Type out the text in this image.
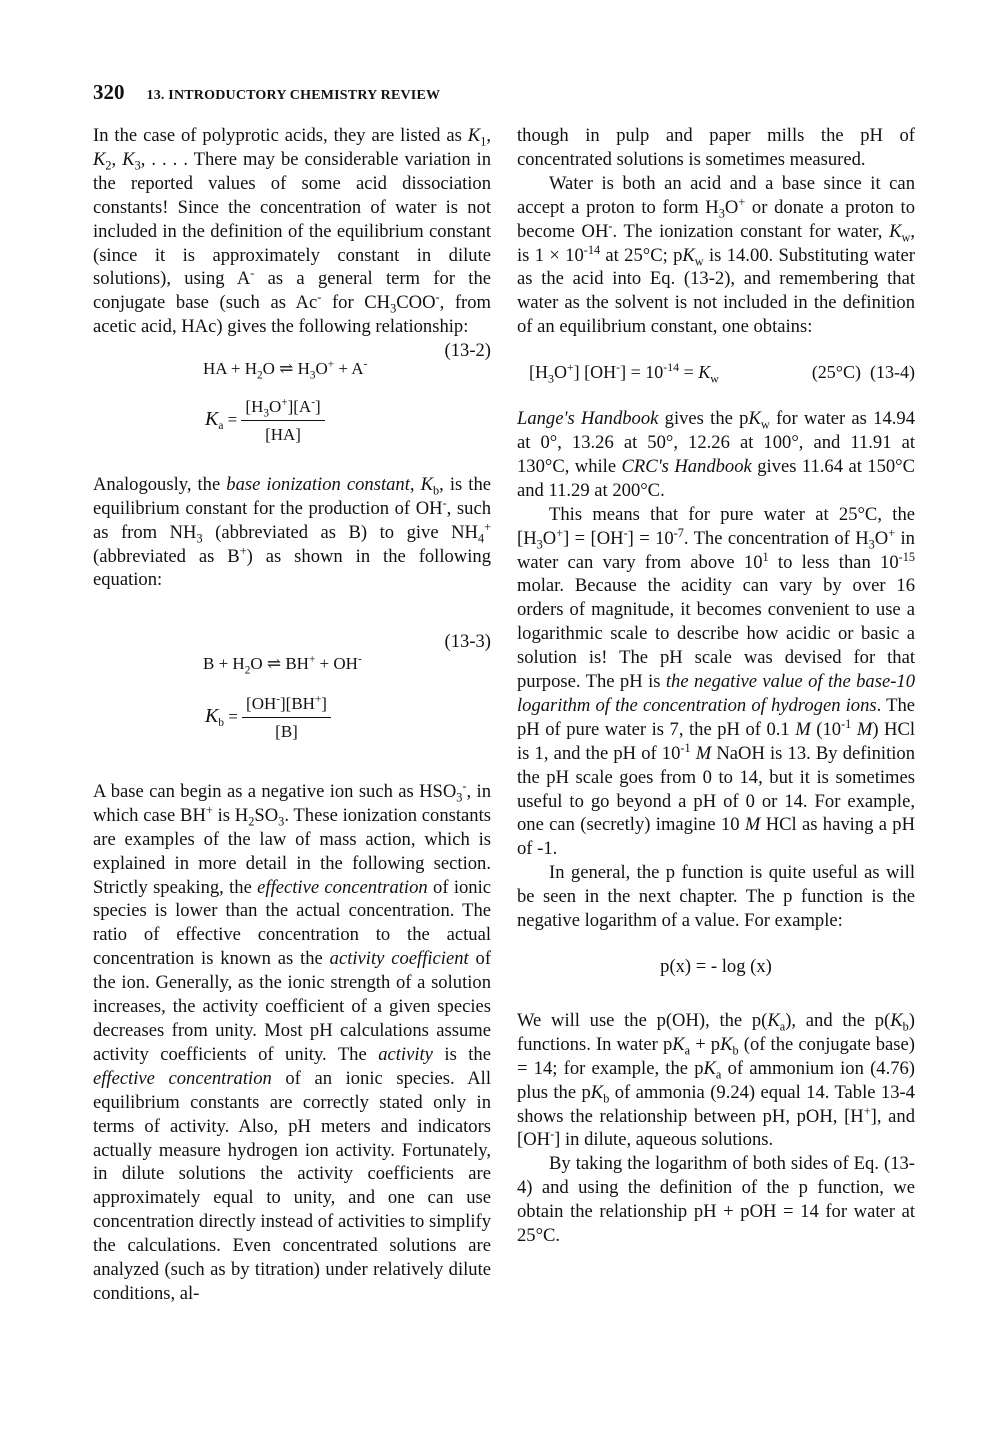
320 13. INTRODUCTORY CHEMISTRY REVIEW

In the case of polyprotic acids, they are listed as $K_1$, $K_2$, $K_3$, . . . . There may be considerable variation in the reported values of some acid dissociation constants! Since the concentration of water is not included in the definition of the equilibrium constant (since it is approximately constant in dilute solutions), using A- as a general term for the conjugate base (such as Ac- for $CH_3COO^-$, from acetic acid, HAc) gives the following relationship:

(13-2)
HA + $H_2O$ ⇌ $H_3O^+ + A^-$
$K_a = \frac{[H_3O^+][A^-]}{[HA]}$

Analogously, the base ionization constant, $K_b$, is the equilibrium constant for the production of OH-, such as from $NH_3$ (abbreviated as B) to give $NH_4^+$ (abbreviated as B+) as shown in the following equation:

(13-3)
$B + H_2O$ ⇌ BH+ + OH-
$K_b = \frac{[OH^-][BH^+]}{[B]}$

A base can begin as a negative ion such as $HSO_3^-$, in which case BH+ is $H_2SO_3$. These ionization constants are examples of the law of mass action, which is explained in more detail in the following section. Strictly speaking, the effective concentration of ionic species is lower than the actual concentration. The ratio of effective concentration to the actual concentration is known as the activity coefficient of the ion. Generally, as the ionic strength of a solution increases, the activity coefficient of a given species decreases from unity. Most pH calculations assume activity coefficients of unity. The activity is the effective concentration of an ionic species. All equilibrium constants are correctly stated only in terms of activity. Also, pH meters and indicators actually measure hydrogen ion activity. Fortunately, in dilute solutions the activity coefficients are approximately equal to unity, and one can use concentration directly instead of activities to simplify the calculations. Even concentrated solutions are analyzed (such as by titration) under relatively dilute conditions, al-

though in pulp and paper mills the pH of concentrated solutions is sometimes measured.

Water is both an acid and a base since it can accept a proton to form $H_3O^+$ or donate a proton to become OH-. The ionization constant for water, $K_w$, is $1 \times 10^{-14}$ at 25°C; $pK_w$ is 14.00. Substituting water as the acid into Eq. (13-2), and remembering that water as the solvent is not included in the definition of an equilibrium constant, one obtains:

$[H_3O^+] [OH^-] = 10^{-14} = K_w$	(25°C) (13-4)

Lange's Handbook gives the $pK_w$ for water as 14.94 at 0°, 13.26 at 50°, 12.26 at 100°, and 11.91 at 130°C, while CRC's Handbook gives 11.64 at 150°C and 11.29 at 200°C.

This means that for pure water at 25°C, the $[H_3O^+] = [OH^-] = 10^{-7}$. The concentration of $H_3O^+$ in water can vary from above $10^1$ to less than $10^{-15}$ molar. Because the acidity can vary by over 16 orders of magnitude, it becomes convenient to use a logarithmic scale to describe how acidic or basic a solution is! The pH scale was devised for that purpose. The pH is the negative value of the base-10 logarithm of the concentration of hydrogen ions. The pH of pure water is 7, the pH of 0.1 M ($10^{-1}$ M) HCl is 1, and the pH of $10^{-1}$ M NaOH is 13. By definition the pH scale goes from 0 to 14, but it is sometimes useful to go beyond a pH of 0 or 14. For example, one can (secretly) imagine 10 M HCl as having a pH of -1.

In general, the p function is quite useful as will be seen in the next chapter. The p function is the negative logarithm of a value. For example:

p(x) = - log (x)

We will use the p(OH), the $p(K_a)$, and the $p(K_b)$ functions. In water $pK_a + pK_b$ (of the conjugate base) = 14; for example, the $pK_a$ of ammonium ion (4.76) plus the $pK_b$ of ammonia (9.24) equal 14. Table 13-4 shows the relationship between pH, pOH, [H+], and [OH-] in dilute, aqueous solutions.

By taking the logarithm of both sides of Eq. (13-4) and using the definition of the p function, we obtain the relationship pH + pOH = 14 for water at 25°C.
